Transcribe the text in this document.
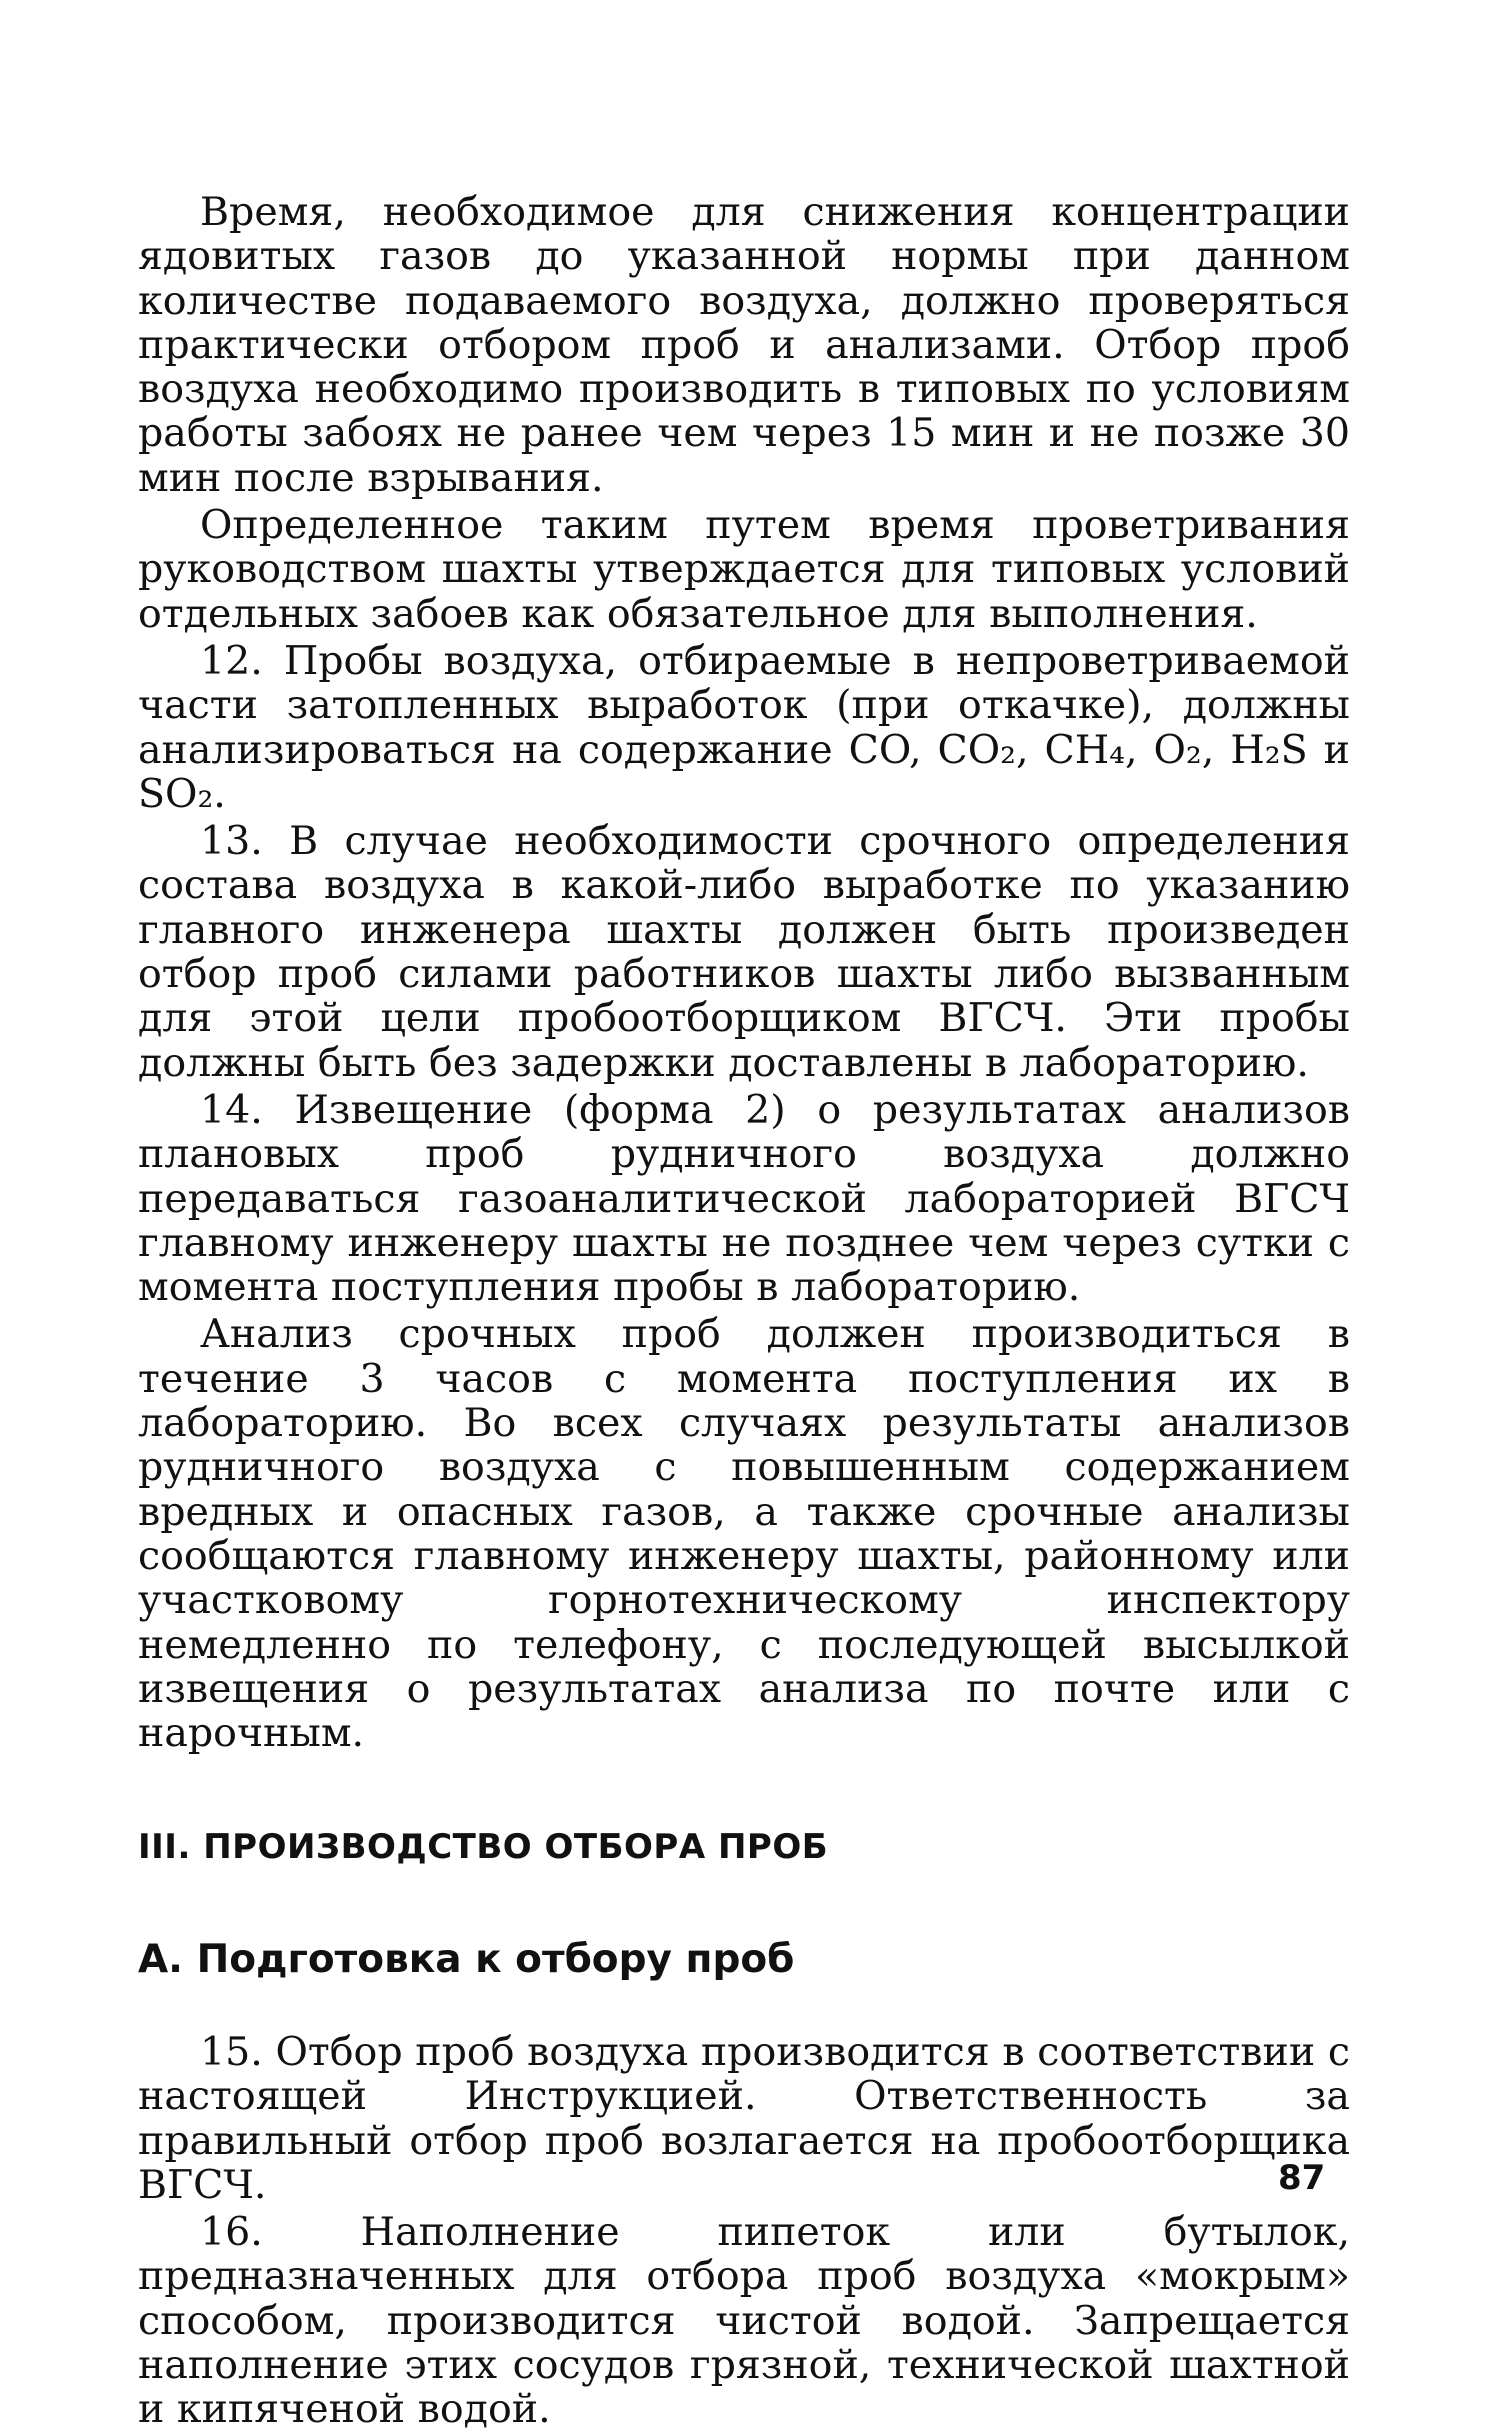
Время, необходимое для снижения концентрации ядовитых газов до указанной нормы при данном количестве подаваемого воздуха, должно проверяться практически отбором проб и анализами. Отбор проб воздуха необходимо производить в типовых по условиям работы забоях не ранее чем через 15 мин и не позже 30 мин после взрывания.

Определенное таким путем время проветривания руководством шахты утверждается для типовых условий отдельных забоев как обязательное для выполнения.

12. Пробы воздуха, отбираемые в непроветриваемой части затопленных выработок (при откачке), должны анализироваться на содержание CO, CO₂, CH₄, O₂, H₂S и SO₂.

13. В случае необходимости срочного определения состава воздуха в какой-либо выработке по указанию главного инженера шахты должен быть произведен отбор проб силами работников шахты либо вызванным для этой цели пробоотборщиком ВГСЧ. Эти пробы должны быть без задержки доставлены в лабораторию.

14. Извещение (форма 2) о результатах анализов плановых проб рудничного воздуха должно передаваться газоаналитической лабораторией ВГСЧ главному инженеру шахты не позднее чем через сутки с момента поступления пробы в лабораторию.

Анализ срочных проб должен производиться в течение 3 часов с момента поступления их в лабораторию. Во всех случаях результаты анализов рудничного воздуха с повышенным содержанием вредных и опасных газов, а также срочные анализы сообщаются главному инженеру шахты, районному или участковому горнотехническому инспектору немедленно по телефону, с последующей высылкой извещения о результатах анализа по почте или с нарочным.

III. ПРОИЗВОДСТВО ОТБОРА ПРОБ
А. Подготовка к отбору проб

15. Отбор проб воздуха производится в соответствии с настоящей Инструкцией. Ответственность за правильный отбор проб возлагается на пробоотборщика ВГСЧ.

16. Наполнение пипеток или бутылок, предназначенных для отбора проб воздуха «мокрым» способом, производится чистой водой. Запрещается наполнение этих сосудов грязной, технической шахтной и кипяченой водой.

87
